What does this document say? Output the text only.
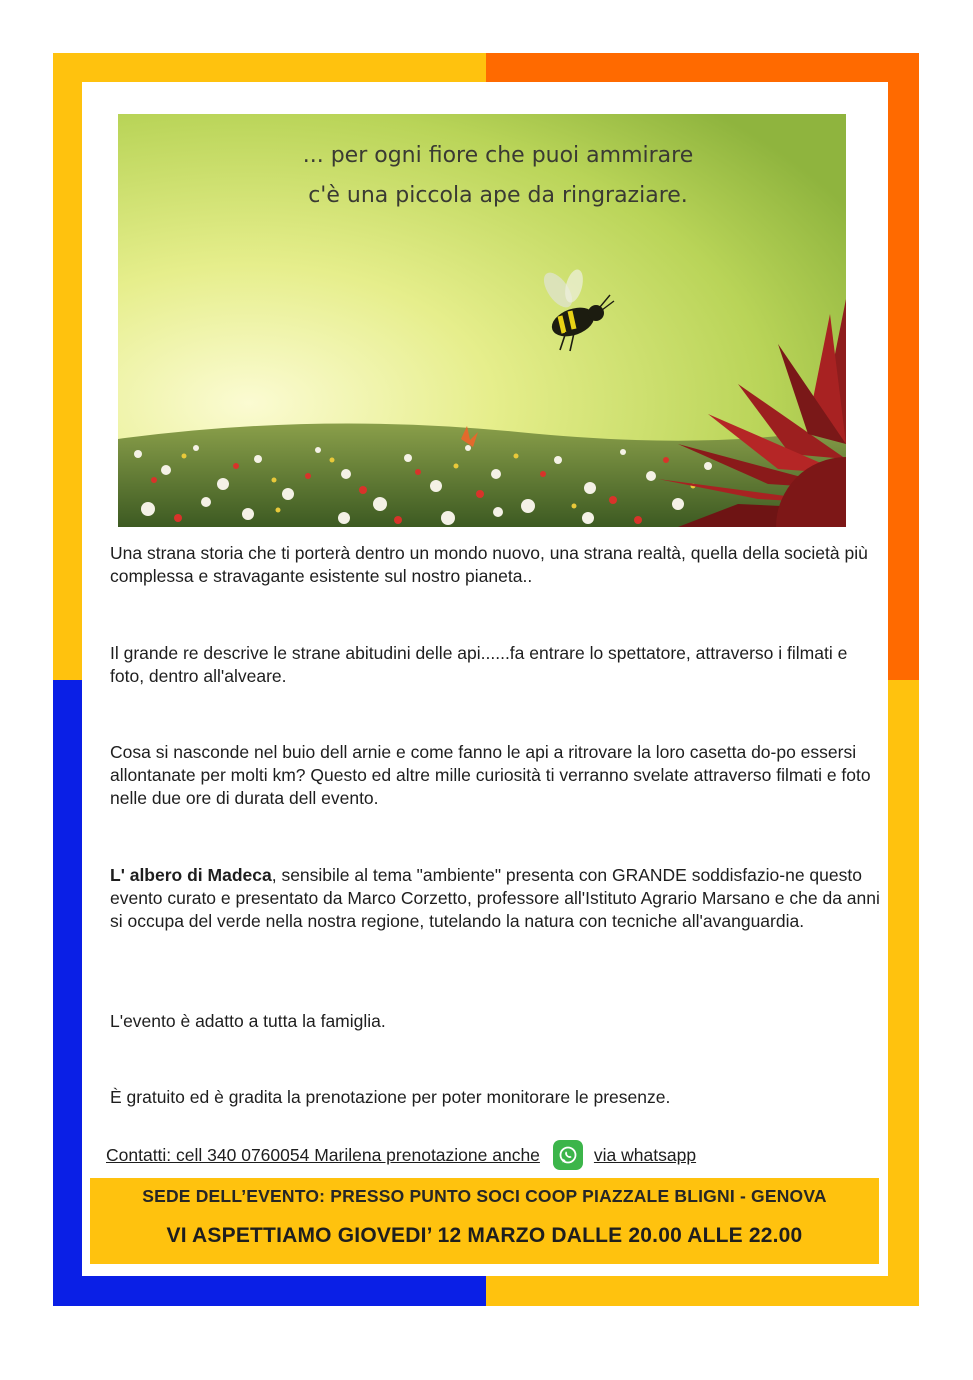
... per ogni fiore che puoi ammirare
c'è una piccola ape da ringraziare.

Una strana storia che ti porterà dentro un mondo nuovo, una strana realtà, quella della società più complessa e stravagante esistente sul nostro pianeta..

Il grande re descrive le strane abitudini delle api......fa entrare lo spettatore, attraverso i filmati e foto, dentro all'alveare.

Cosa si nasconde nel buio dell arnie e come fanno le api a ritrovare la loro casetta do-po essersi allontanate per molti km? Questo ed altre mille curiosità ti verranno svelate attraverso filmati e foto nelle due ore di durata dell evento.

L' albero di Madeca, sensibile al tema "ambiente" presenta con GRANDE soddisfazio-ne questo evento curato e presentato da Marco Corzetto, professore all'Istituto Agrario Marsano e che da anni si occupa del verde nella nostra regione, tutelando la natura con tecniche all'avanguardia.

L'evento è adatto a tutta la famiglia.

È gratuito ed è gradita la prenotazione per poter monitorare le presenze.

Contatti: cell 340 0760054 Marilena prenotazione anche	via whatsapp
SEDE DELL’EVENTO: PRESSO PUNTO SOCI COOP PIAZZALE BLIGNI - GENOVA
VI ASPETTIAMO GIOVEDI’ 12 MARZO DALLE 20.00 ALLE 22.00
